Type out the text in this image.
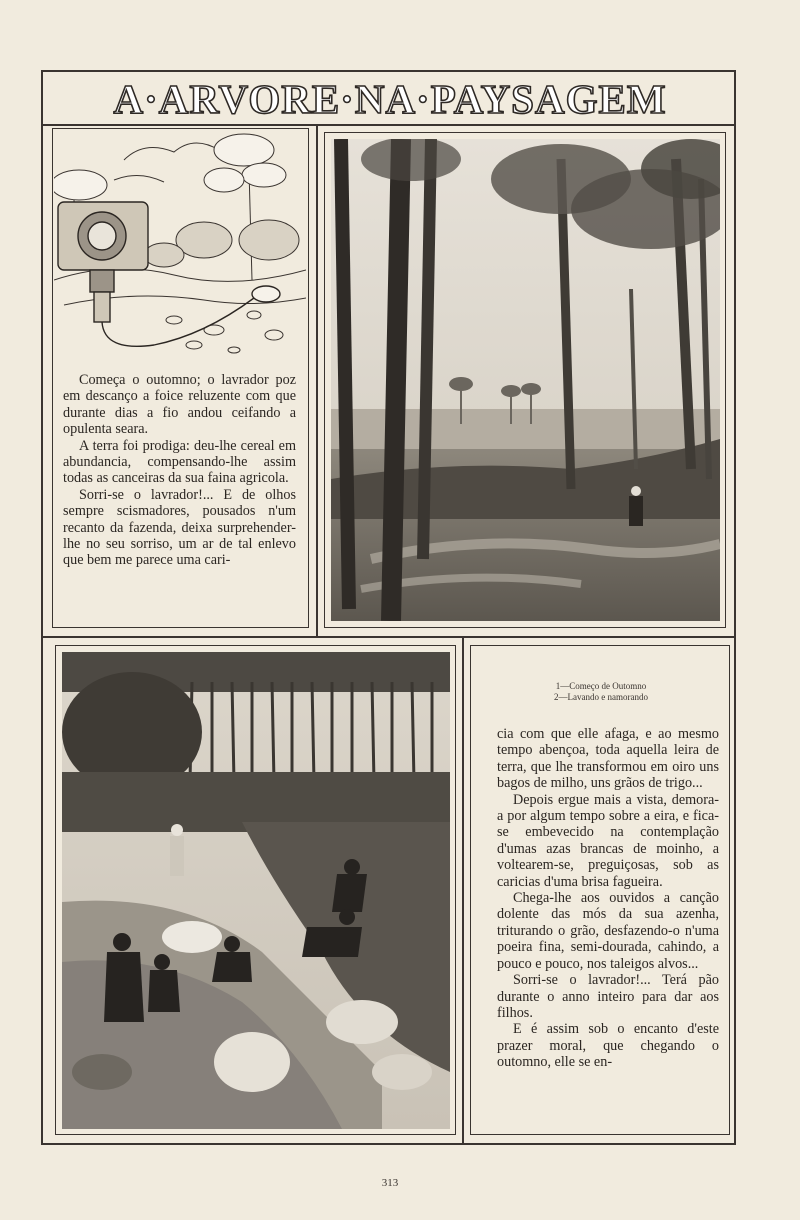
A·ARVORE·NA·PAYSAGEM

Começa o outomno; o lavrador poz em descanço a foice reluzente com que durante dias a fio andou ceifando a opulenta seara.

A terra foi prodiga: deu-lhe cereal em abundancia, compensando-lhe assim todas as canceiras da sua faina agricola.

Sorri-se o lavrador!... E de olhos sempre scismadores, pousados n'um recanto da fazenda, deixa surprehender-lhe no seu sorriso, um ar de tal enlevo que bem me parece uma cari-

1—Começo de Outomno
2—Lavando e namorando

cia com que elle afaga, e ao mesmo tempo abençoa, toda aquella leira de terra, que lhe transformou em oiro uns bagos de milho, uns grãos de trigo...

Depois ergue mais a vista, demora-a por algum tempo sobre a eira, e fica-se embevecido na contemplação d'umas azas brancas de moinho, a voltearem-se, preguiçosas, sob as caricias d'uma brisa fagueira.

Chega-lhe aos ouvidos a canção dolente das mós da sua azenha, triturando o grão, desfazendo-o n'uma poeira fina, semi-dourada, cahindo, a pouco e pouco, nos taleigos alvos...

Sorri-se o lavrador!... Terá pão durante o anno inteiro para dar aos filhos.

E é assim sob o encanto d'este prazer moral, que chegando o outomno, elle se en-

313
